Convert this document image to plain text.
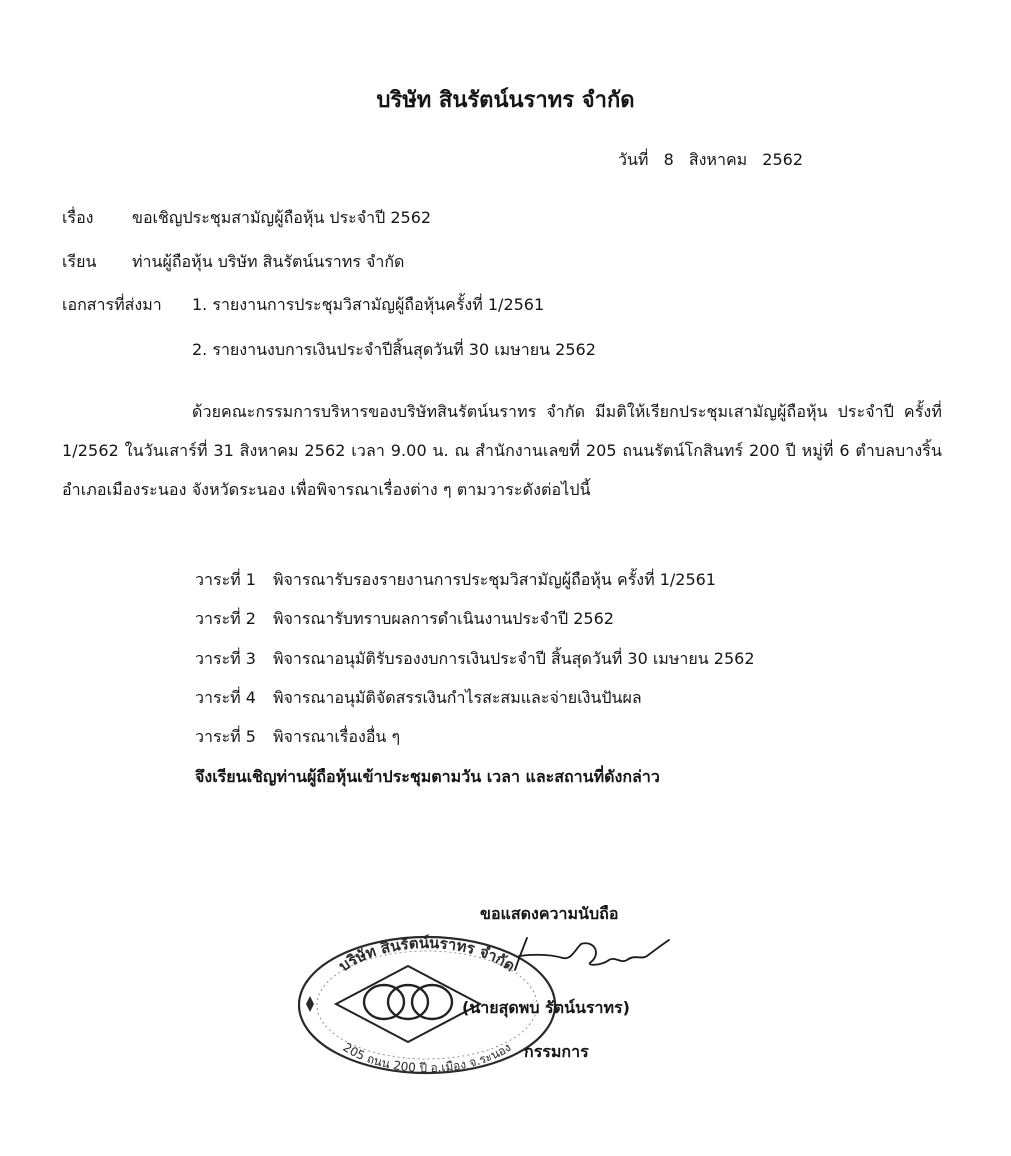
บริษัท สินรัตน์นราทร จำกัด
วันที่ 8 สิงหาคม 2562
เรื่อง ขอเชิญประชุมสามัญผู้ถือหุ้น ประจำปี 2562
เรียน ท่านผู้ถือหุ้น บริษัท สินรัตน์นราทร จำกัด
เอกสารที่ส่งมา 1. รายงานการประชุมวิสามัญผู้ถือหุ้นครั้งที่ 1/2561
2. รายงานงบการเงินประจำปีสิ้นสุดวันที่ 30 เมษายน 2562
ด้วยคณะกรรมการบริหารของบริษัทสินรัตน์นราทร จำกัด มีมติให้เรียกประชุมเสามัญผู้ถือหุ้น ประจำปี ครั้งที่ 1/2562 ในวันเสาร์ที่ 31 สิงหาคม 2562 เวลา 9.00 น. ณ สำนักงานเลขที่ 205 ถนนรัตน์โกสินทร์ 200 ปี หมู่ที่ 6 ตำบลบางริ้น อำเภอเมืองระนอง จังหวัดระนอง เพื่อพิจารณาเรื่องต่าง ๆ ตามวาระดังต่อไปนี้
วาระที่ 1 พิจารณารับรองรายงานการประชุมวิสามัญผู้ถือหุ้น ครั้งที่ 1/2561
วาระที่ 2 พิจารณารับทราบผลการดำเนินงานประจำปี 2562
วาระที่ 3 พิจารณาอนุมัติรับรองงบการเงินประจำปี สิ้นสุดวันที่ 30 เมษายน 2562
วาระที่ 4 พิจารณาอนุมัติจัดสรรเงินกำไรสะสมและจ่ายเงินปันผล
วาระที่ 5 พิจารณาเรื่องอื่น ๆ
จึงเรียนเชิญท่านผู้ถือหุ้นเข้าประชุมตามวัน เวลา และสถานที่ดังกล่าว
ขอแสดงความนับถือ
บริษัท สินรัตน์นราทร จำกัด
205 ถนน 200 ปี อ.เมือง จ.ระนอง
(นายสุดพบ รัตน์นราทร)
กรรมการ
